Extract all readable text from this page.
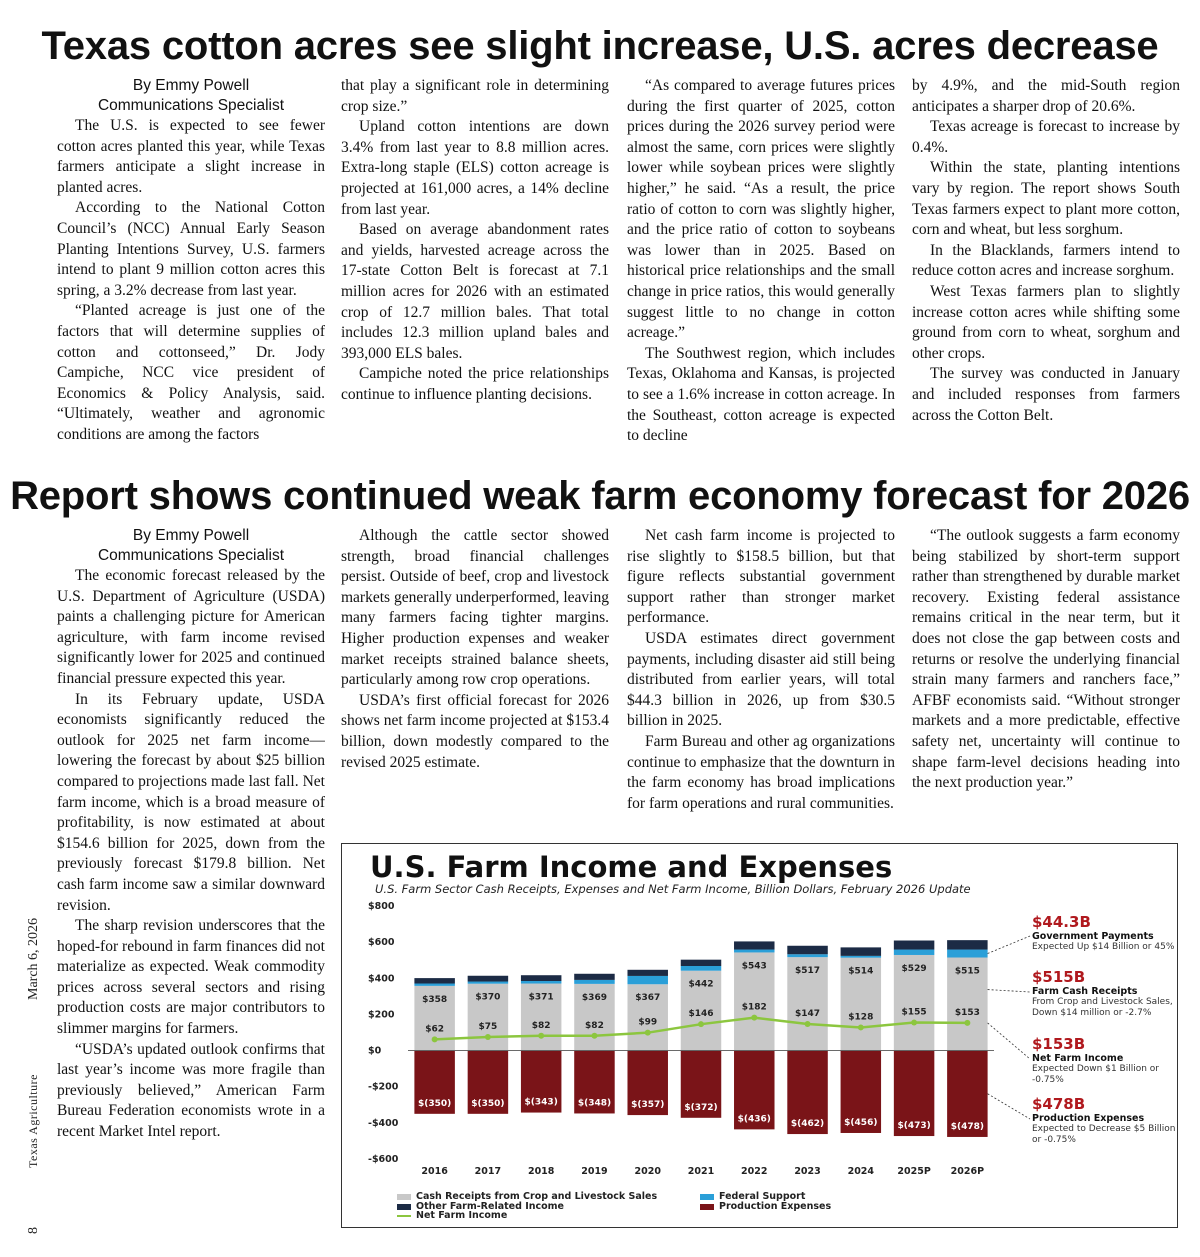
Texas cotton acres see slight increase, U.S. acres decrease

By Emmy Powell

Communications Specialist

The U.S. is expected to see fewer cotton acres planted this year, while Texas farmers anticipate a slight increase in planted acres.

According to the National Cotton Council’s (NCC) Annual Early Season Planting Intentions Survey, U.S. farmers intend to plant 9 million cotton acres this spring, a 3.2% decrease from last year.

“Planted acreage is just one of the factors that will determine supplies of cotton and cottonseed,” Dr. Jody Campiche, NCC vice president of Economics & Policy Analysis, said. “Ultimately, weather and agronomic conditions are among the factors

that play a significant role in determining crop size.”

Upland cotton intentions are down 3.4% from last year to 8.8 million acres. Extra-long staple (ELS) cotton acreage is projected at 161,000 acres, a 14% decline from last year.

Based on average abandonment rates and yields, harvested acreage across the 17-state Cotton Belt is forecast at 7.1 million acres for 2026 with an estimated crop of 12.7 million bales. That total includes 12.3 million upland bales and 393,000 ELS bales.

Campiche noted the price relationships continue to influence planting decisions.

“As compared to average futures prices during the first quarter of 2025, cotton prices during the 2026 survey period were almost the same, corn prices were slightly lower while soybean prices were slightly higher,” he said. “As a result, the price ratio of cotton to corn was slightly higher, and the price ratio of cotton to soybeans was lower than in 2025. Based on historical price relationships and the small change in price ratios, this would generally suggest little to no change in cotton acreage.”

The Southwest region, which includes Texas, Oklahoma and Kansas, is projected to see a 1.6% increase in cotton acreage. In the Southeast, cotton acreage is expected to decline

by 4.9%, and the mid-South region anticipates a sharper drop of 20.6%.

Texas acreage is forecast to increase by 0.4%.

Within the state, planting intentions vary by region. The report shows South Texas farmers expect to plant more cotton, corn and wheat, but less sorghum.

In the Blacklands, farmers intend to reduce cotton acres and increase sorghum.

West Texas farmers plan to slightly increase cotton acres while shifting some ground from corn to wheat, sorghum and other crops.

The survey was conducted in January and included responses from farmers across the Cotton Belt.

Report shows continued weak farm economy forecast for 2026

By Emmy Powell

Communications Specialist

The economic forecast released by the U.S. Department of Agriculture (USDA) paints a challenging picture for American agriculture, with farm income revised significantly lower for 2025 and continued financial pressure expected this year.

In its February update, USDA economists significantly reduced the outlook for 2025 net farm income—lowering the forecast by about $25 billion compared to projections made last fall. Net farm income, which is a broad measure of profitability, is now estimated at about $154.6 billion for 2025, down from the previously forecast $179.8 billion. Net cash farm income saw a similar downward revision.

The sharp revision underscores that the hoped-for rebound in farm finances did not materialize as expected. Weak commodity prices across several sectors and rising production costs are major contributors to slimmer margins for farmers.

“USDA’s updated outlook confirms that last year’s income was more fragile than previously believed,” American Farm Bureau Federation economists wrote in a recent Market Intel report.

Although the cattle sector showed strength, broad financial challenges persist. Outside of beef, crop and livestock markets generally underperformed, leaving many farmers facing tighter margins. Higher production expenses and weaker market receipts strained balance sheets, particularly among row crop operations.

USDA’s first official forecast for 2026 shows net farm income projected at $153.4 billion, down modestly compared to the revised 2025 estimate.

Net cash farm income is projected to rise slightly to $158.5 billion, but that figure reflects substantial government support rather than stronger market performance.

USDA estimates direct government payments, including disaster aid still being distributed from earlier years, will total $44.3 billion in 2026, up from $30.5 billion in 2025.

Farm Bureau and other ag organizations continue to emphasize that the downturn in the farm economy has broad implications for farm operations and rural communities.

“The outlook suggests a farm economy being stabilized by short-term support rather than strengthened by durable market recovery. Existing federal assistance remains critical in the near term, but it does not close the gap between costs and returns or resolve the underlying financial strain many farmers and ranchers face,” AFBF economists said. “Without stronger markets and a more predictable, effective safety net, uncertainty will continue to shape farm-level decisions heading into the next production year.”

March 6, 2026
Texas Agriculture
8
U.S. Farm Income and Expenses
U.S. Farm Sector Cash Receipts, Expenses and Net Farm Income, Billion Dollars, February 2026 Update
$800
$600
$400
$200
$0
-$200
-$400
-$600
$358
$(350)
2016
$370
$(350)
2017
$371
$(343)
2018
$369
$(348)
2019
$367
$(357)
2020
$442
$(372)
2021
$543
$(436)
2022
$517
$(462)
2023
$514
$(456)
2024
$529
$(473)
2025P
$515
$(478)
2026P
$62	$75	$82	$82	$99
$146
$182
$147	$128	$155	$153
$44.3B
Government Payments
Expected Up $14 Billion or 45%
$515B
Farm Cash Receipts
From Crop and Livestock Sales, Down $14 million or -2.7%
$153B
Net Farm Income
Expected Down $1 Billion or -0.75%
$478B
Production Expenses
Expected to Decrease $5 Billion or -0.75%
Cash Receipts from Crop and Livestock Sales
Other Farm-Related Income
Net Farm Income
Federal Support
Production Expenses
